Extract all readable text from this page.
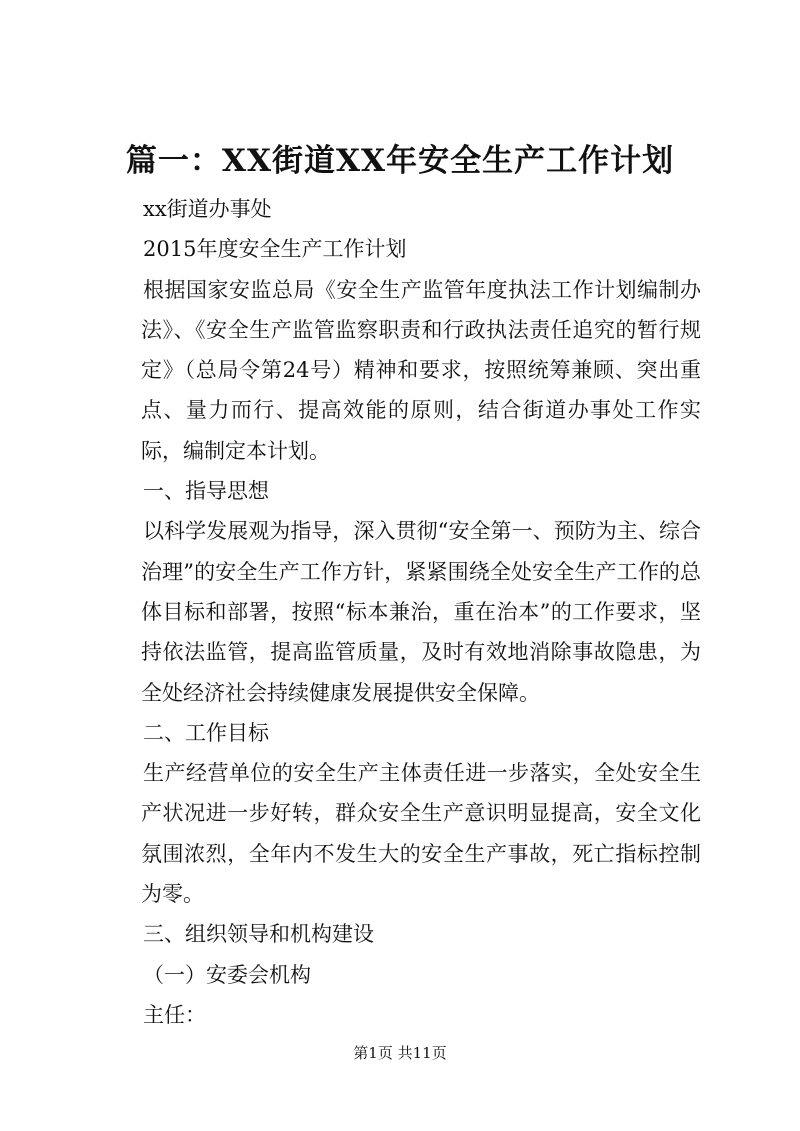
篇一：XX街道XX年安全生产工作计划
xx街道办事处
2015年度安全生产工作计划
根据国家安监总局《安全生产监管年度执法工作计划编制办法》、《安全生产监管监察职责和行政执法责任追究的暂行规定》（总局令第24号）精神和要求，按照统筹兼顾、突出重点、量力而行、提高效能的原则，结合街道办事处工作实际，编制定本计划。
一、指导思想
以科学发展观为指导，深入贯彻“安全第一、预防为主、综合治理”的安全生产工作方针，紧紧围绕全处安全生产工作的总体目标和部署，按照“标本兼治，重在治本”的工作要求，坚持依法监管，提高监管质量，及时有效地消除事故隐患，为全处经济社会持续健康发展提供安全保障。
二、工作目标
生产经营单位的安全生产主体责任进一步落实，全处安全生产状况进一步好转，群众安全生产意识明显提高，安全文化氛围浓烈，全年内不发生大的安全生产事故，死亡指标控制为零。
三、组织领导和机构建设
（一）安委会机构
主任：
第1页 共11页
